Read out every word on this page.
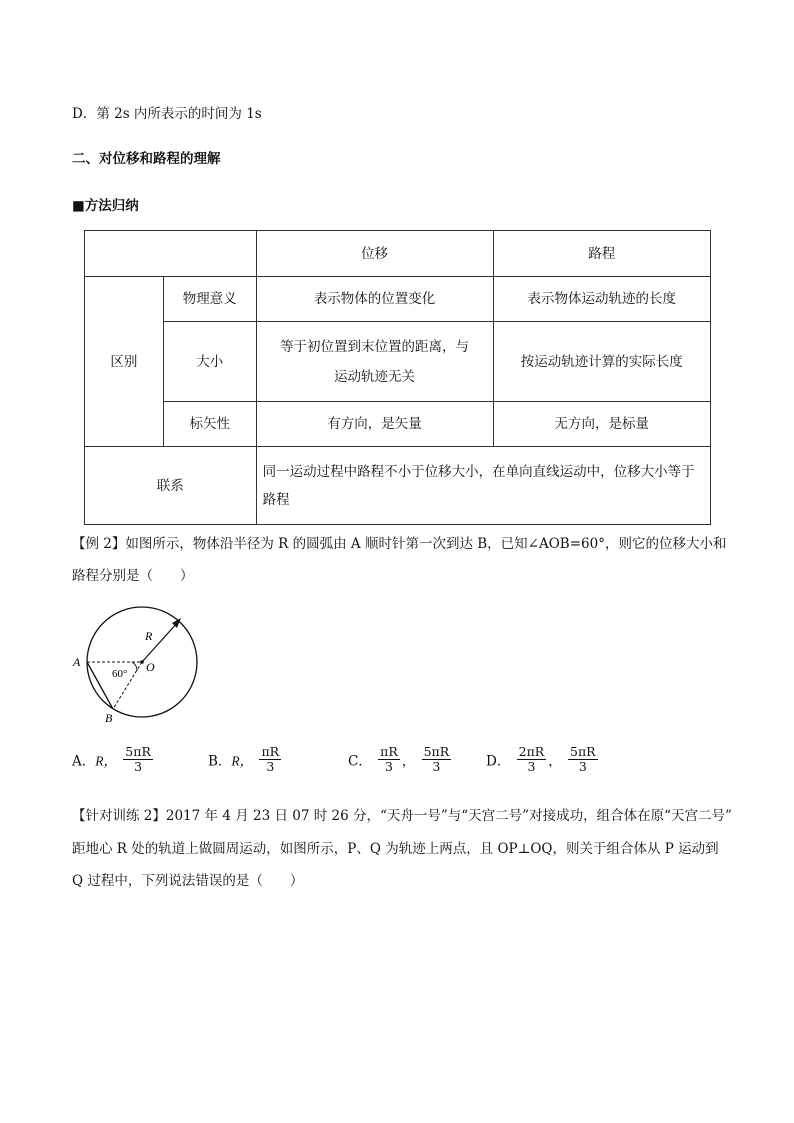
D．第 2s 内所表示的时间为 1s
二、对位移和路程的理解
■方法归纳
		位移	路程
区别	物理意义	表示物体的位置变化	表示物体运动轨迹的长度
	大小	等于初位置到末位置的距离，与运动轨迹无关	按运动轨迹计算的实际长度
	标矢性	有方向，是矢量	无方向，是标量
联系		同一运动过程中路程不小于位移大小，在单向直线运动中，位移大小等于路程	
【例 2】如图所示，物体沿半径为 R 的圆弧由 A 顺时针第一次到达 B，已知∠AOB=60°，则它的位移大小和
路程分别是（　　）
A
B
O
R
60°
A．R， $\frac{5\pi R}{3}$	B．R， $\frac{\pi R}{3}$	C． $\frac{\pi R}{3}$ ， $\frac{5\pi R}{3}$	D． $\frac{2\pi R}{3}$ ， $\frac{5\pi R}{3}$
【针对训练 2】2017 年 4 月 23 日 07 时 26 分，“天舟一号”与“天宫二号”对接成功，组合体在原“天宫二号”
距地心 R 处的轨道上做圆周运动，如图所示，P、Q 为轨迹上两点，且 OP⊥OQ，则关于组合体从 P 运动到
Q 过程中，下列说法错误的是（　　）
